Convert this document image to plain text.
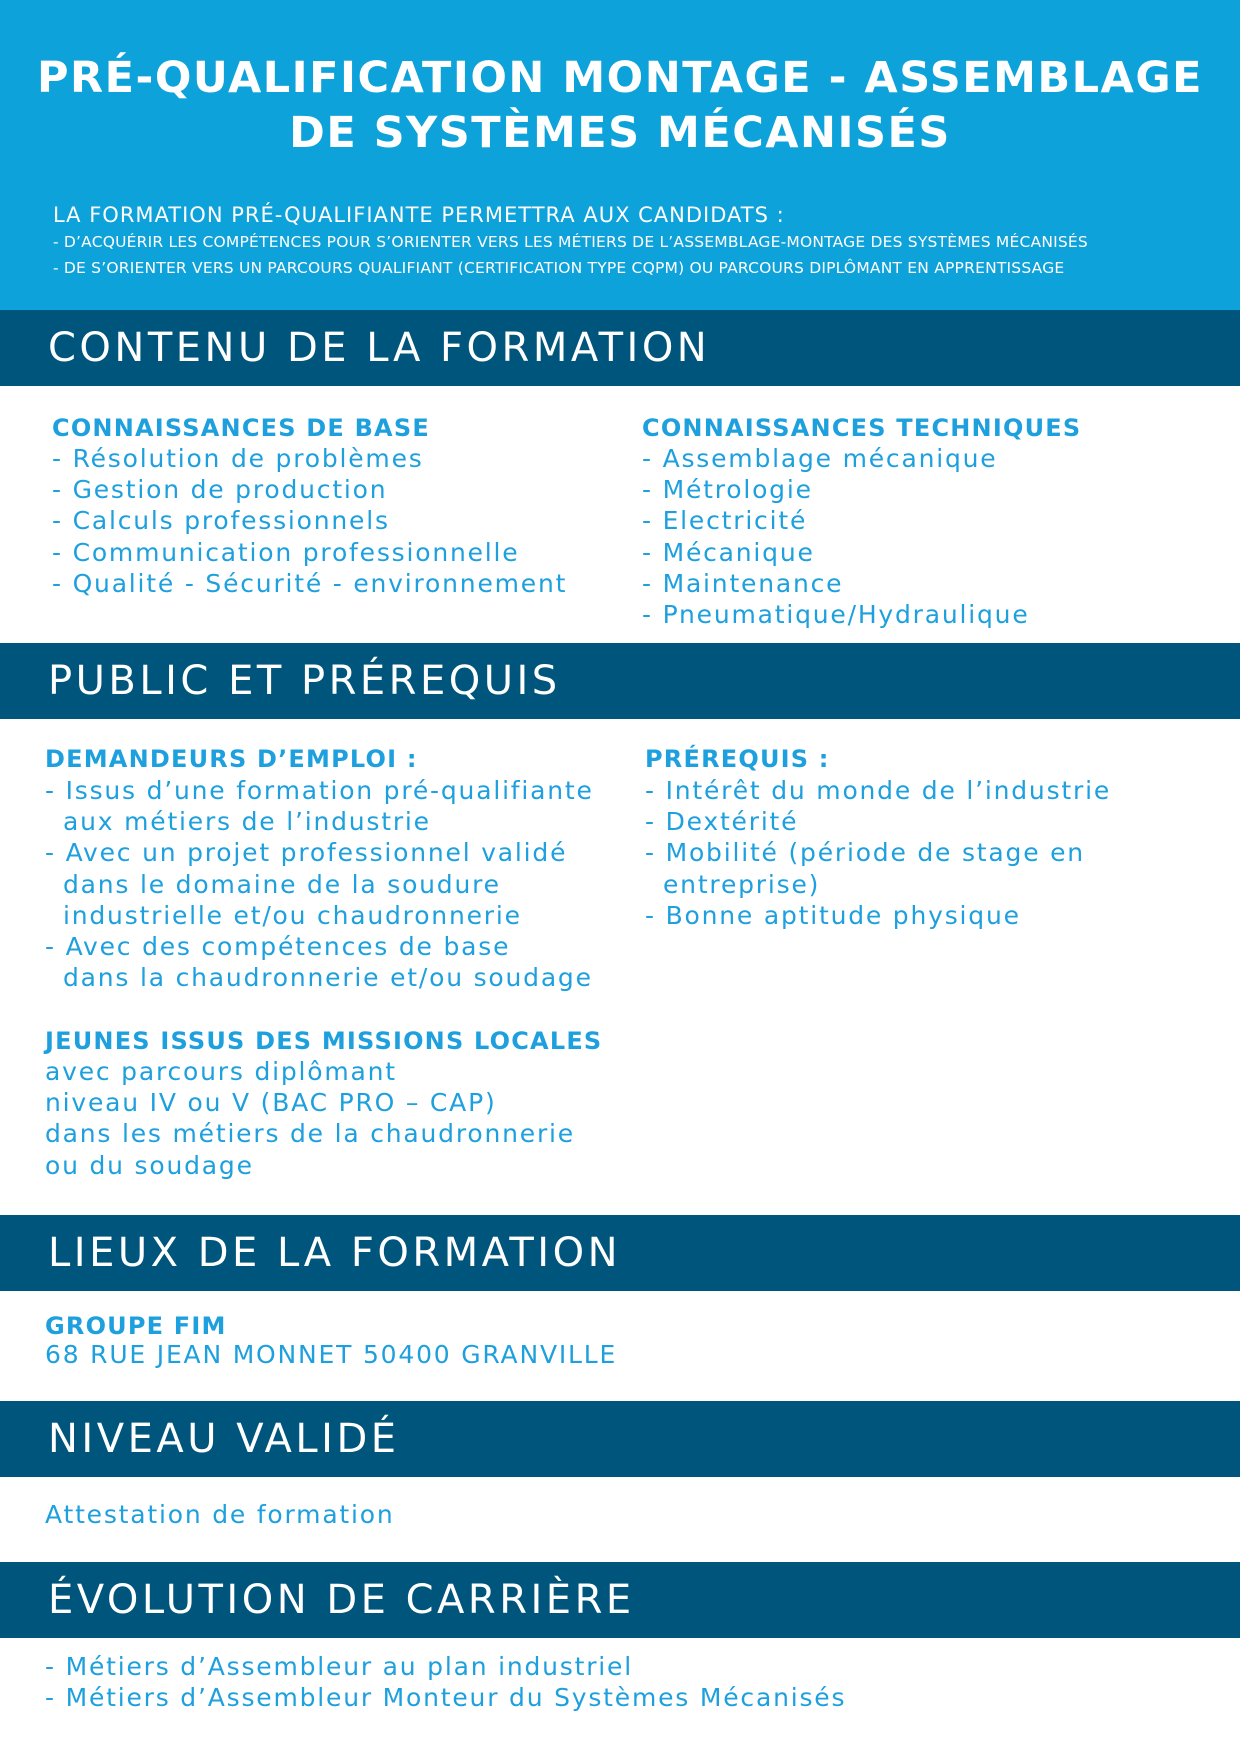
PRÉ-QUALIFICATION MONTAGE - ASSEMBLAGE
DE SYSTÈMES MÉCANISÉS
LA FORMATION PRÉ-QUALIFIANTE PERMETTRA AUX CANDIDATS :
- D’ACQUÉRIR LES COMPÉTENCES POUR S’ORIENTER VERS LES MÉTIERS DE L’ASSEMBLAGE-MONTAGE DES SYSTÈMES MÉCANISÉS
- DE S’ORIENTER VERS UN PARCOURS QUALIFIANT (CERTIFICATION TYPE CQPM) OU PARCOURS DIPLÔMANT EN APPRENTISSAGE
CONTENU DE LA FORMATION
CONNAISSANCES DE BASE
- Résolution de problèmes
- Gestion de production
- Calculs professionnels
- Communication professionnelle
- Qualité - Sécurité - environnement
CONNAISSANCES TECHNIQUES
- Assemblage mécanique
- Métrologie
- Electricité
- Mécanique
- Maintenance
- Pneumatique/Hydraulique
PUBLIC ET PRÉREQUIS
DEMANDEURS D’EMPLOI :
- Issus d’une formation pré-qualifiante
aux métiers de l’industrie
- Avec un projet professionnel validé
dans le domaine de la soudure
industrielle et/ou chaudronnerie
- Avec des compétences de base
dans la chaudronnerie et/ou soudage
JEUNES ISSUS DES MISSIONS LOCALES
avec parcours diplômant
niveau IV ou V (BAC PRO – CAP)
dans les métiers de la chaudronnerie
ou du soudage
PRÉREQUIS :
- Intérêt du monde de l’industrie
- Dextérité
- Mobilité (période de stage en
entreprise)
- Bonne aptitude physique
LIEUX DE LA FORMATION
GROUPE FIM
68 RUE JEAN MONNET 50400 GRANVILLE
NIVEAU VALIDÉ
Attestation de formation
ÉVOLUTION DE CARRIÈRE
- Métiers d’Assembleur au plan industriel
- Métiers d’Assembleur Monteur du Systèmes Mécanisés
